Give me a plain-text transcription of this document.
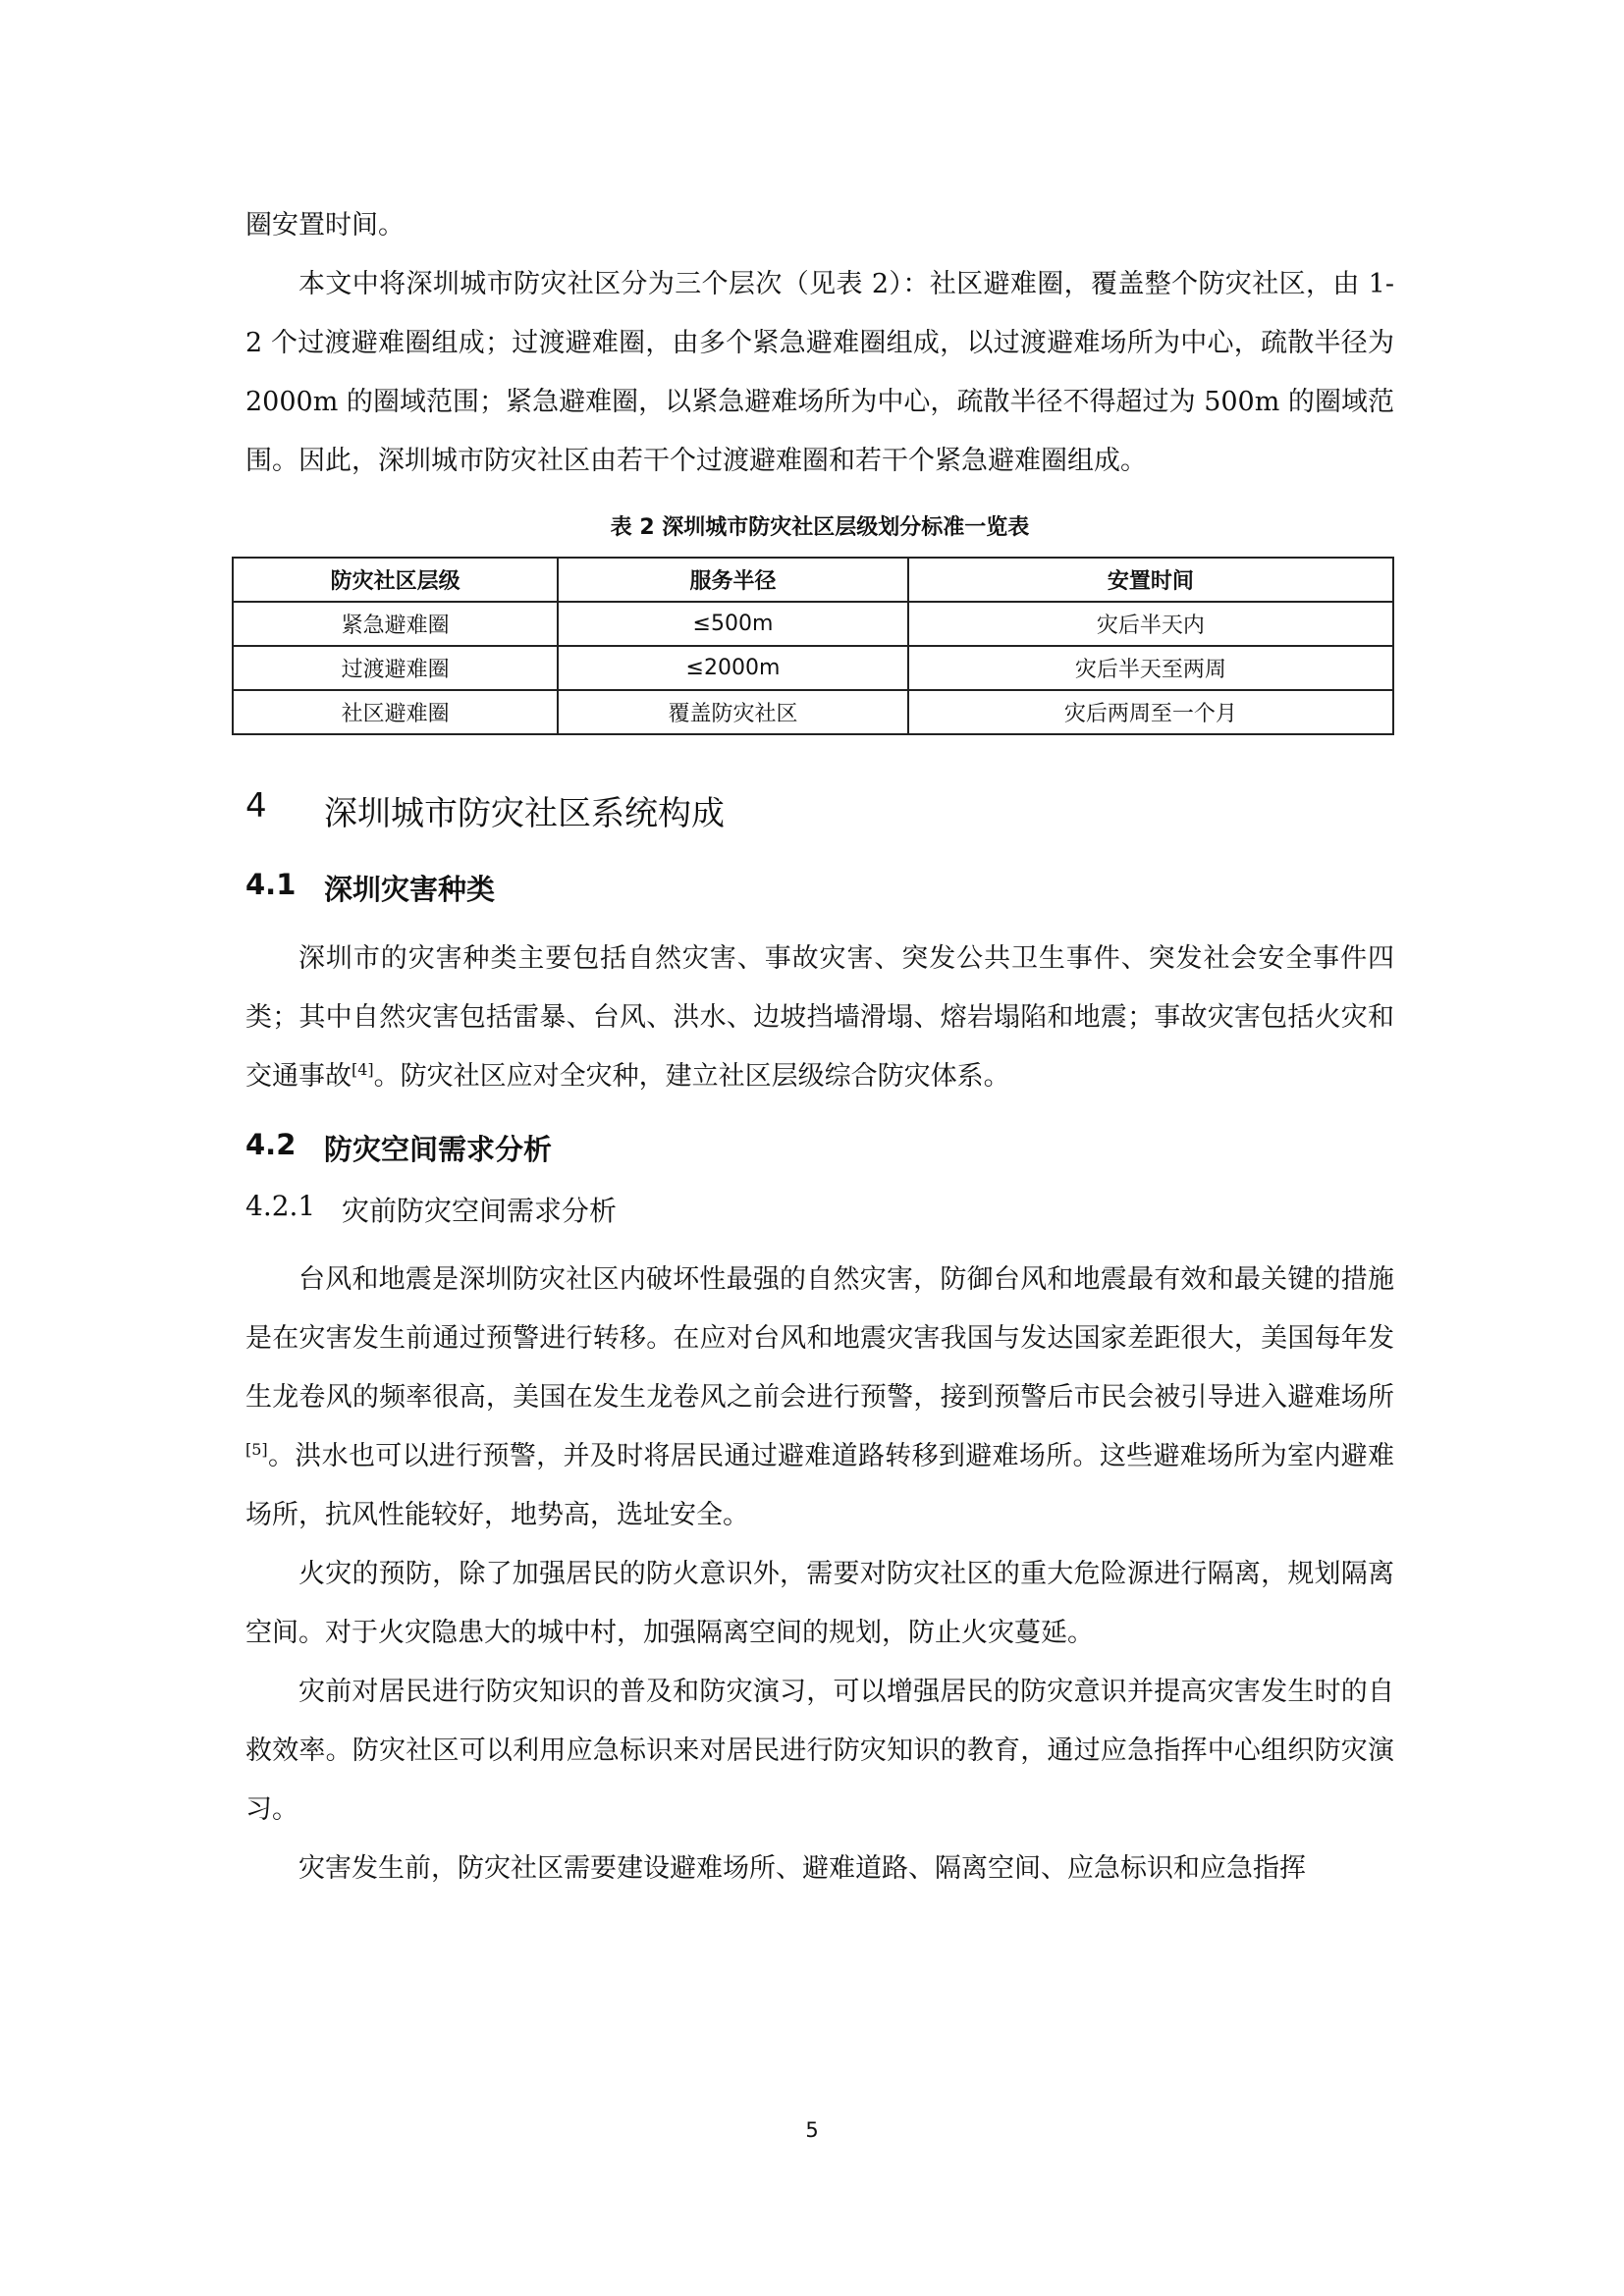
圈安置时间。

本文中将深圳城市防灾社区分为三个层次（见表 2）：社区避难圈，覆盖整个防灾社区，由 1-2 个过渡避难圈组成；过渡避难圈，由多个紧急避难圈组成，以过渡避难场所为中心，疏散半径为 2000m 的圈域范围；紧急避难圈，以紧急避难场所为中心，疏散半径不得超过为 500m 的圈域范围。因此，深圳城市防灾社区由若干个过渡避难圈和若干个紧急避难圈组成。

表 2 深圳城市防灾社区层级划分标准一览表
防灾社区层级	服务半径	安置时间
紧急避难圈	≤500m	灾后半天内
过渡避难圈	≤2000m	灾后半天至两周
社区避难圈	覆盖防灾社区	灾后两周至一个月
4	深圳城市防灾社区系统构成
4.1 深圳灾害种类

深圳市的灾害种类主要包括自然灾害、事故灾害、突发公共卫生事件、突发社会安全事件四类；其中自然灾害包括雷暴、台风、洪水、边坡挡墙滑塌、熔岩塌陷和地震；事故灾害包括火灾和交通事故[4]。防灾社区应对全灾种，建立社区层级综合防灾体系。

4.2 防灾空间需求分析
4.2.1 灾前防灾空间需求分析

台风和地震是深圳防灾社区内破坏性最强的自然灾害，防御台风和地震最有效和最关键的措施是在灾害发生前通过预警进行转移。在应对台风和地震灾害我国与发达国家差距很大，美国每年发生龙卷风的频率很高，美国在发生龙卷风之前会进行预警，接到预警后市民会被引导进入避难场所[5]。洪水也可以进行预警，并及时将居民通过避难道路转移到避难场所。这些避难场所为室内避难场所，抗风性能较好，地势高，选址安全。

火灾的预防，除了加强居民的防火意识外，需要对防灾社区的重大危险源进行隔离，规划隔离空间。对于火灾隐患大的城中村，加强隔离空间的规划，防止火灾蔓延。

灾前对居民进行防灾知识的普及和防灾演习，可以增强居民的防灾意识并提高灾害发生时的自救效率。防灾社区可以利用应急标识来对居民进行防灾知识的教育，通过应急指挥中心组织防灾演习。

灾害发生前，防灾社区需要建设避难场所、避难道路、隔离空间、应急标识和应急指挥

5
